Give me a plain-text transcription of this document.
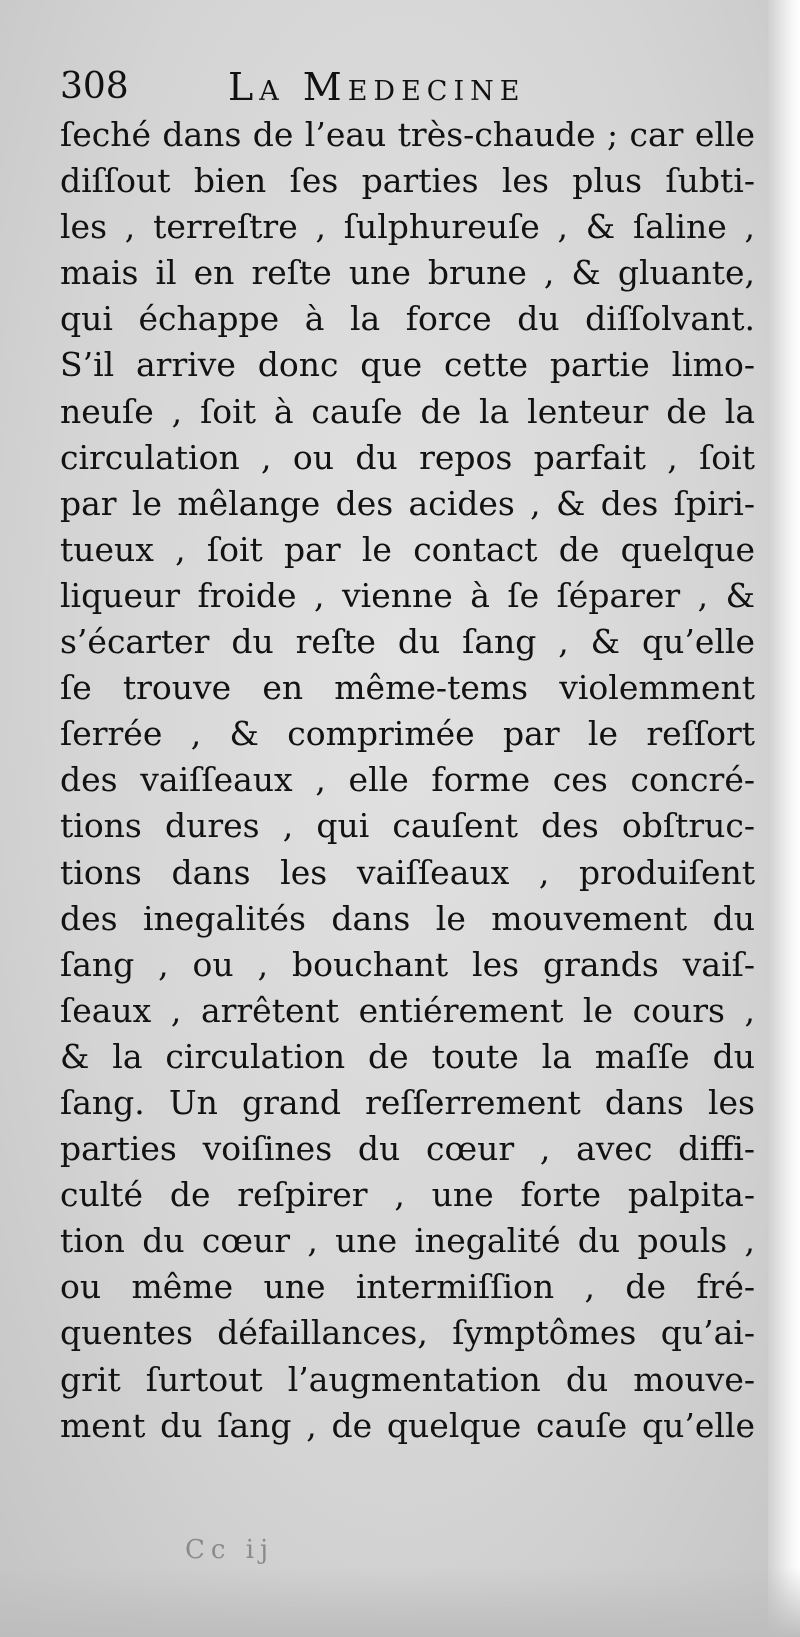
308	La Medecine
ſeché dans de l’eau très-chaude ; car elle
diſſout bien ſes parties les plus ſubti-
les , terreſtre , ſulphureuſe , & ſaline ,
mais il en reſte une brune , & gluante,
qui échappe à la force du diſſolvant.
S’il arrive donc que cette partie limo-
neuſe , ſoit à cauſe de la lenteur de la
circulation , ou du repos parfait , ſoit
par le mêlange des acides , & des ſpiri-
tueux , ſoit par le contact de quelque
liqueur froide , vienne à ſe ſéparer , &
s’écarter du reſte du ſang , & qu’elle
ſe trouve en même-tems violemment
ſerrée , & comprimée par le reſſort
des vaiſſeaux , elle forme ces concré-
tions dures , qui cauſent des obſtruc-
tions dans les vaiſſeaux , produiſent
des inegalités dans le mouvement du
ſang , ou , bouchant les grands vaiſ-
ſeaux , arrêtent entiérement le cours ,
& la circulation de toute la maſſe du
ſang. Un grand reſſerrement dans les
parties voiſines du cœur , avec diffi-
culté de reſpirer , une forte palpita-
tion du cœur , une inegalité du pouls ,
ou même une intermiſſion , de fré-
quentes défaillances, ſymptômes qu’ai-
grit ſurtout l’augmentation du mouve-
ment du ſang , de quelque cauſe qu’elle
Cc ij
